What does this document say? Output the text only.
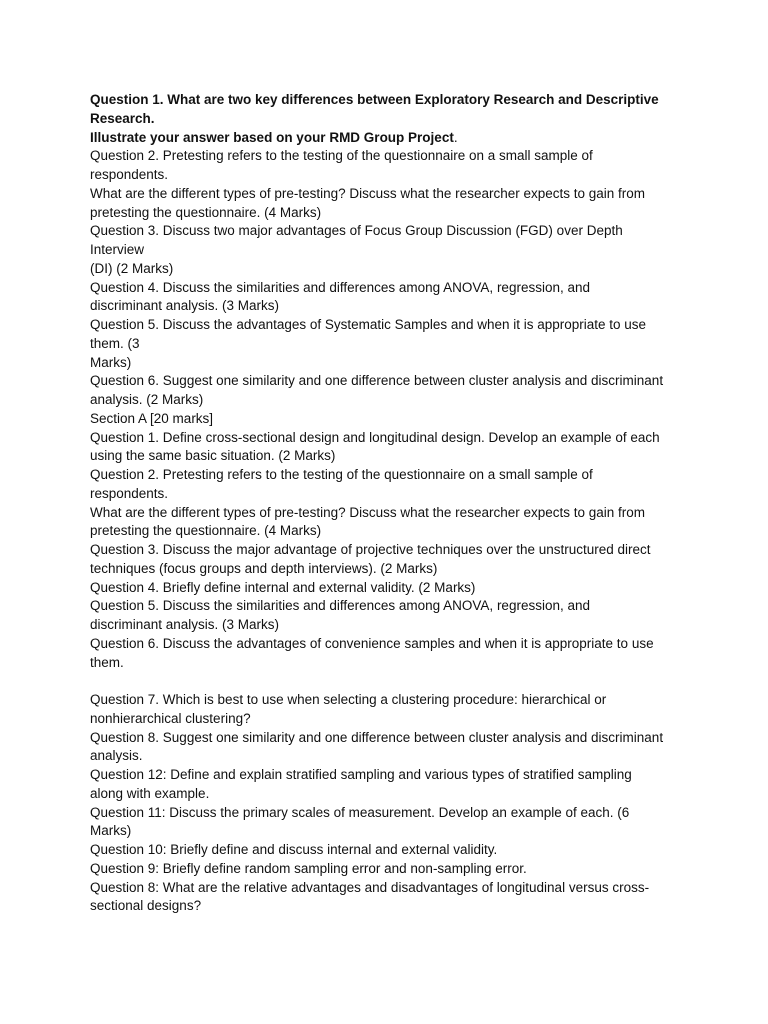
Question 1. What are two key differences between Exploratory Research and Descriptive
Research.
Illustrate your answer based on your RMD Group Project.
Question 2. Pretesting refers to the testing of the questionnaire on a small sample of
respondents.
What are the different types of pre-testing? Discuss what the researcher expects to gain from
pretesting the questionnaire. (4 Marks)
Question 3. Discuss two major advantages of Focus Group Discussion (FGD) over Depth
Interview
(DI) (2 Marks)
Question 4. Discuss the similarities and differences among ANOVA, regression, and
discriminant analysis. (3 Marks)
Question 5. Discuss the advantages of Systematic Samples and when it is appropriate to use
them. (3
Marks)
Question 6. Suggest one similarity and one difference between cluster analysis and discriminant
analysis. (2 Marks)
Section A [20 marks]
Question 1. Define cross-sectional design and longitudinal design. Develop an example of each
using the same basic situation. (2 Marks)
Question 2. Pretesting refers to the testing of the questionnaire on a small sample of
respondents.
What are the different types of pre-testing? Discuss what the researcher expects to gain from
pretesting the questionnaire. (4 Marks)
Question 3. Discuss the major advantage of projective techniques over the unstructured direct
techniques (focus groups and depth interviews). (2 Marks)
Question 4. Briefly define internal and external validity. (2 Marks)
Question 5. Discuss the similarities and differences among ANOVA, regression, and
discriminant analysis. (3 Marks)
Question 6. Discuss the advantages of convenience samples and when it is appropriate to use
them.
Question 7. Which is best to use when selecting a clustering procedure: hierarchical or
nonhierarchical clustering?
Question 8. Suggest one similarity and one difference between cluster analysis and discriminant
analysis.
Question 12: Define and explain stratified sampling and various types of stratified sampling
along with example.
Question 11: Discuss the primary scales of measurement. Develop an example of each. (6
Marks)
Question 10: Briefly define and discuss internal and external validity.
Question 9: Briefly define random sampling error and non-sampling error.
Question 8: What are the relative advantages and disadvantages of longitudinal versus cross-
sectional designs?
